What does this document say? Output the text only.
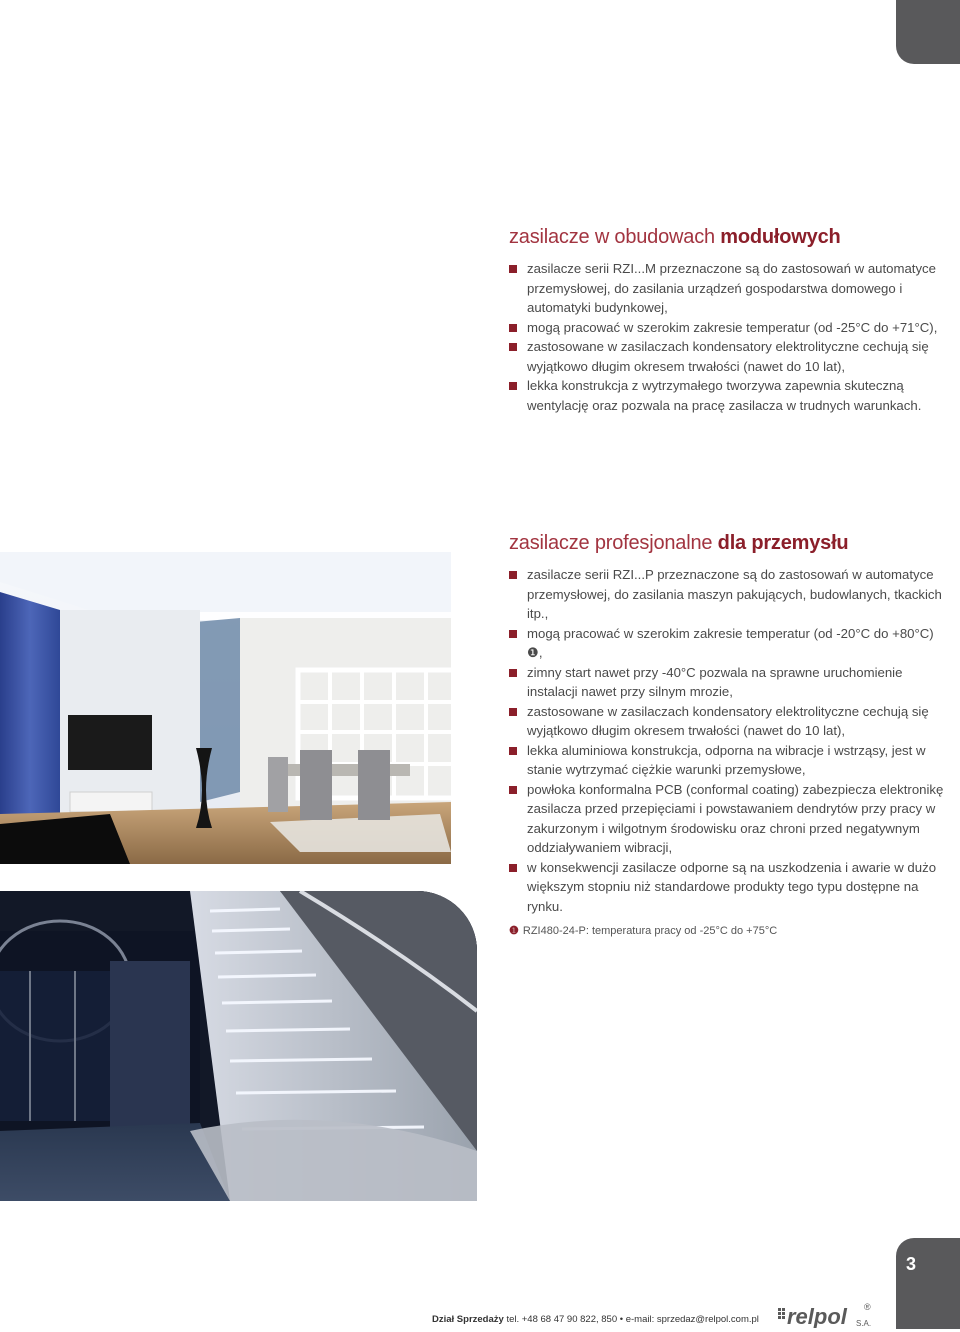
zasilacze w obudowach modułowych
zasilacze serii RZI...M przeznaczone są do zastosowań w automatyce przemysłowej, do zasilania urządzeń gospodarstwa domowego i automatyki budynkowej,
mogą pracować w szerokim zakresie temperatur (od -25°C do +71°C),
zastosowane w zasilaczach kondensatory elektrolityczne cechują się wyjątkowo długim okresem trwałości (nawet do 10 lat),
lekka konstrukcja z wytrzymałego tworzywa zapewnia skuteczną wentylację oraz pozwala na pracę zasilacza w trudnych warunkach.
zasilacze profesjonalne dla przemysłu
zasilacze serii RZI...P przeznaczone są do zastosowań w automatyce przemysłowej, do zasilania maszyn pakujących, budowlanych, tkackich itp.,
mogą pracować w szerokim zakresie temperatur (od -20°C do +80°C) ❶,
zimny start nawet przy -40°C pozwala na sprawne uruchomienie instalacji nawet przy silnym mrozie,
zastosowane w zasilaczach kondensatory elektrolityczne cechują się wyjątkowo długim okresem trwałości (nawet do 10 lat),
lekka aluminiowa konstrukcja, odporna na wibracje i wstrząsy, jest w stanie wytrzymać ciężkie warunki przemysłowe,
powłoka konformalna PCB (conformal coating) zabezpiecza elektronikę zasilacza przed przepięciami i powstawaniem dendrytów przy pracy w zakurzonym i wilgotnym środowisku oraz chroni przed negatywnym oddziaływaniem wibracji,
w konsekwencji zasilacze odporne są na uszkodzenia i awarie w dużo większym stopniu niż standardowe produkty tego typu dostępne na rynku.
❶ RZI480-24-P: temperatura pracy od -25°C do +75°C
3
Dział Sprzedaży tel. +48 68 47 90 822, 850 • e-mail: sprzedaz@relpol.com.pl relpol ®
S.A.
